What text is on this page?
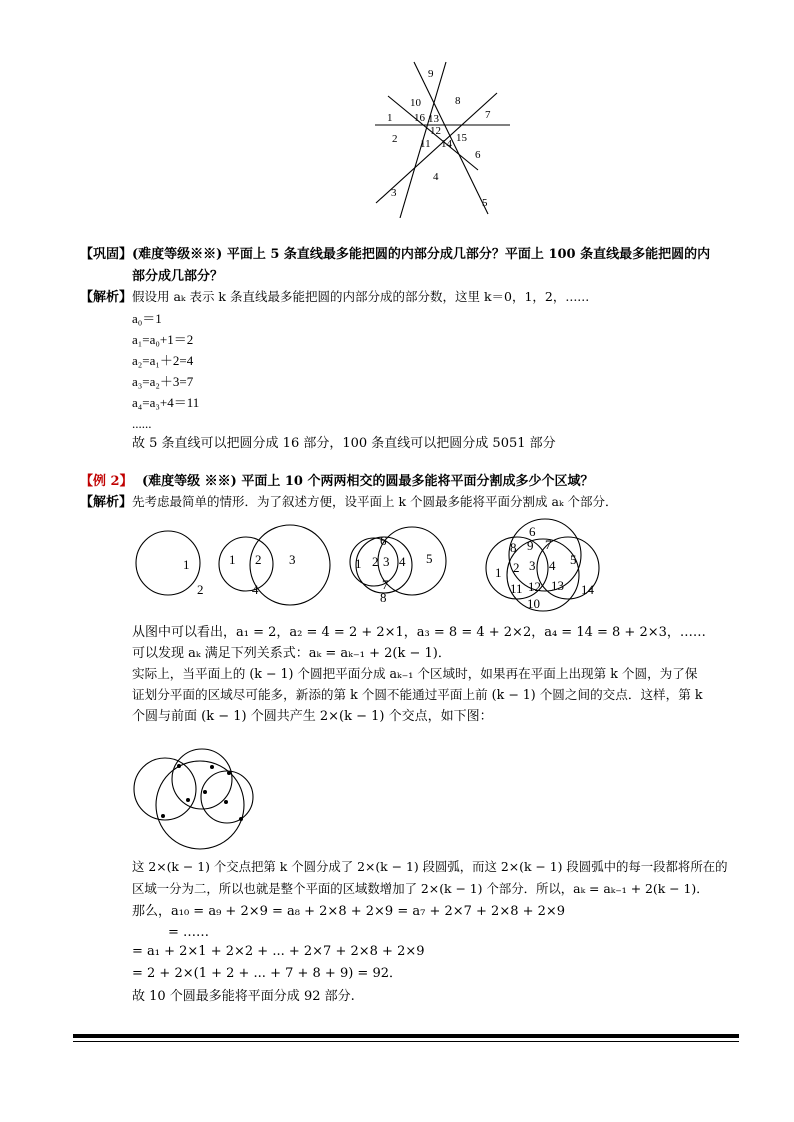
9
8
10
7
1 16 13
12
15
2 11 14
6
4
3
5
【巩固】 (难度等级※※) 平面上 5 条直线最多能把圆的内部分成几部分？平面上 100 条直线最多能把圆的内
部分成几部分？
【解析】 假设用 aₖ 表示 k 条直线最多能把圆的内部分成的部分数，这里 k＝0，1，2，......
a₀＝1
a₁=a₀+1＝2
a₂=a₁＋2=4
a₃=a₂＋3=7
a₄=a₃+4＝11
......
故 5 条直线可以把圆分成 16 部分，100 条直线可以把圆分成 5051 部分
【例 2】 (难度等级 ※※) 平面上 10 个两两相交的圆最多能将平面分割成多少个区域？
【解析】 先考虑最简单的情形．为了叙述方便，设平面上 k 个圆最多能将平面分割成 aₖ 个部分．
1
2
1 2 3
4
1 2 3 4 5
6
7
8
1 2 3 4 5
6
7
8 9
10
11 12 13 14
从图中可以看出，a₁ = 2，a₂ = 4 = 2 + 2×1，a₃ = 8 = 4 + 2×2，a₄ = 14 = 8 + 2×3，……
可以发现 aₖ 满足下列关系式：aₖ = aₖ₋₁ + 2(k − 1)．
实际上，当平面上的 (k − 1) 个圆把平面分成 aₖ₋₁ 个区域时，如果再在平面上出现第 k 个圆，为了保
证划分平面的区域尽可能多，新添的第 k 个圆不能通过平面上前 (k − 1) 个圆之间的交点．这样，第 k
个圆与前面 (k − 1) 个圆共产生 2×(k − 1) 个交点，如下图：
这 2×(k − 1) 个交点把第 k 个圆分成了 2×(k − 1) 段圆弧，而这 2×(k − 1) 段圆弧中的每一段都将所在的
区域一分为二，所以也就是整个平面的区域数增加了 2×(k − 1) 个部分．所以，aₖ = aₖ₋₁ + 2(k − 1)．
那么，a₁₀ = a₉ + 2×9 = a₈ + 2×8 + 2×9 = a₇ + 2×7 + 2×8 + 2×9
= ……
= a₁ + 2×1 + 2×2 + ... + 2×7 + 2×8 + 2×9
= 2 + 2×(1 + 2 + ... + 7 + 8 + 9) = 92．
故 10 个圆最多能将平面分成 92 部分.
